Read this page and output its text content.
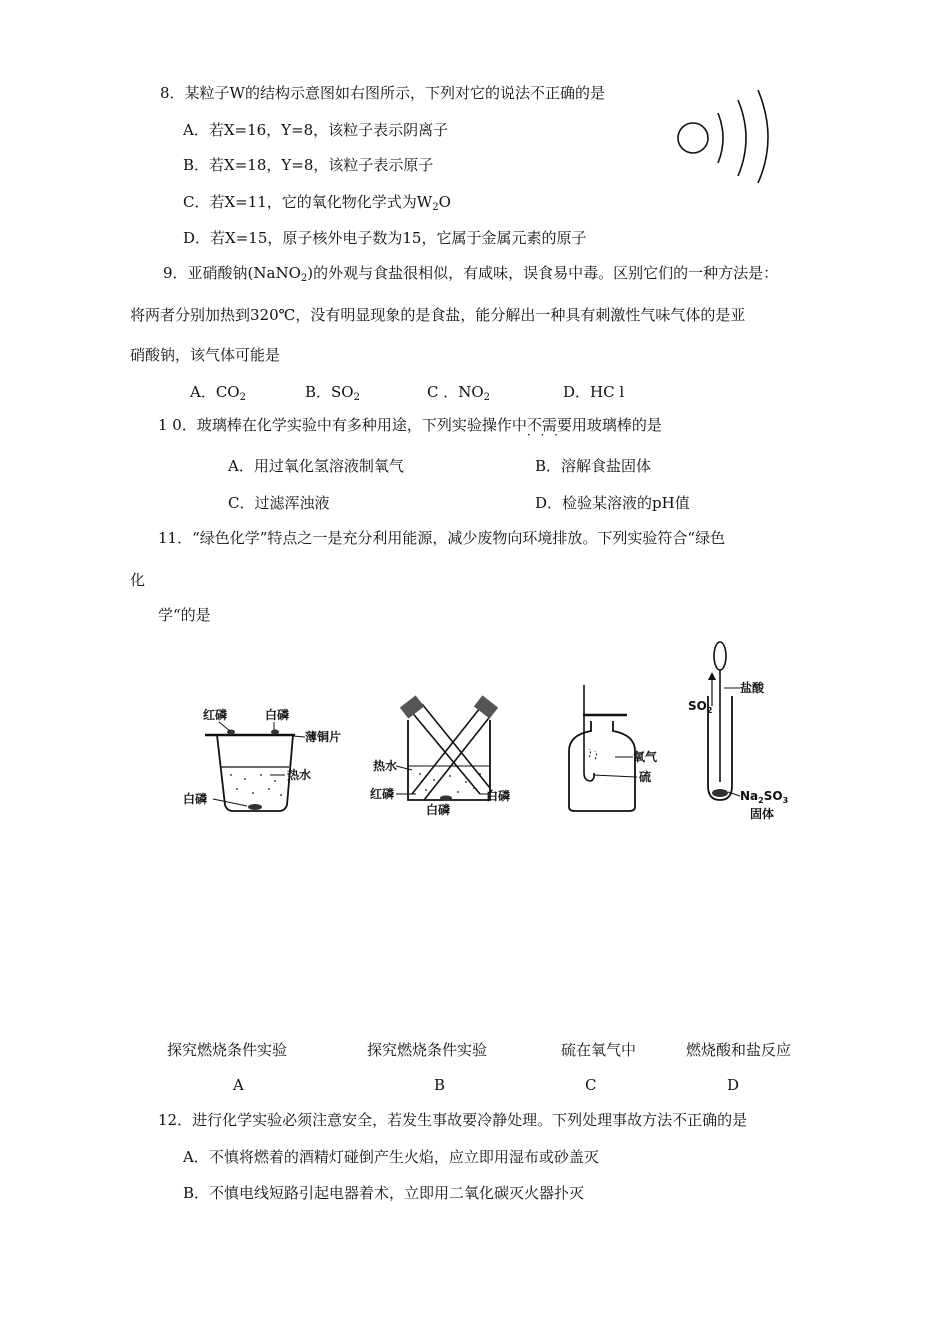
8．某粒子W的结构示意图如右图所示，下列对它的说法不正确的是
A．若X=16，Y=8，该粒子表示阴离子
B．若X=18，Y=8，该粒子表示原子
C．若X=11，它的氧化物化学式为$W_2O$
D．若X=15，原子核外电子数为15，它属于金属元素的原子
9．亚硝酸钠(NaNO$_2$)的外观与食盐很相似，有咸味，误食易中毒。区别它们的一种方法是：
将两者分别加热到320℃，没有明显现象的是食盐，能分解出一种具有刺激性气味气体的是亚
硝酸钠，该气体可能是
A．$CO_2$	B．$SO_2$	C ．$NO_2$	D．HC l
1 0．玻璃棒在化学实验中有多种用途，下列实验操作中不需要 · · ·用玻璃棒的是
A．用过氧化氢溶液制氧气	B．溶解食盐固体
C．过滤浑浊液	D．检验某溶液的pH值
11．“绿色化学”特点之一是充分利用能源，减少废物向环境排放。下列实验符合“绿色
化
学“的是
红磷	白磷
薄铜片
热水
白磷
热水
红磷
白磷
白磷
氧气
硫
$SO_2$
盐酸
$Na_2SO_3$
固体
探究燃烧条件实验	探究燃烧条件实验	硫在氧气中	燃烧酸和盐反应
A	B	C	D
12．进行化学实验必须注意安全，若发生事故要冷静处理。下列处理事故方法不正确的是
A．不慎将燃着的酒精灯碰倒产生火焰，应立即用湿布或砂盖灭
B．不慎电线短路引起电器着术，立即用二氧化碳灭火器扑灭
